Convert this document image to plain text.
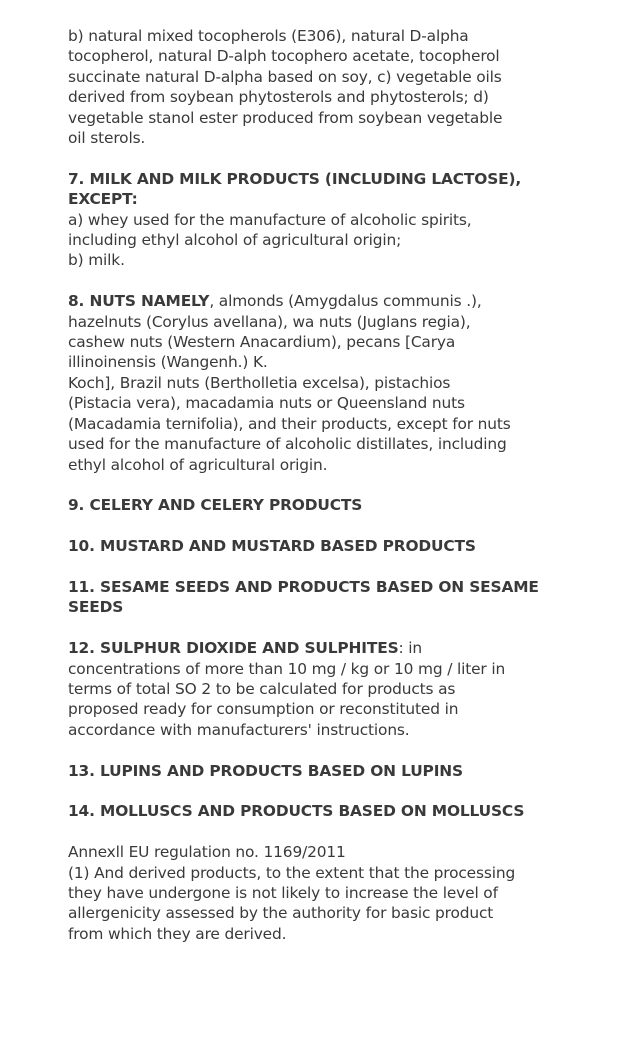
b) natural mixed tocopherols (E306), natural D-alpha
tocopherol, natural D-alph tocophero acetate, tocopherol
succinate natural D-alpha based on soy, c) vegetable oils
derived from soybean phytosterols and phytosterols; d)
vegetable stanol ester produced from soybean vegetable
oil sterols.

7. MILK AND MILK PRODUCTS (INCLUDING LACTOSE),
EXCEPT:
a) whey used for the manufacture of alcoholic spirits,
including ethyl alcohol of agricultural origin;
b) milk.

8. NUTS NAMELY, almonds (Amygdalus communis .),
hazelnuts (Corylus avellana), wa nuts (Juglans regia),
cashew nuts (Western Anacardium), pecans [Carya
illinoinensis (Wangenh.) K.
Koch], Brazil nuts (Bertholletia excelsa), pistachios
(Pistacia vera), macadamia nuts or Queensland nuts
(Macadamia ternifolia), and their products, except for nuts
used for the manufacture of alcoholic distillates, including
ethyl alcohol of agricultural origin.

9. CELERY AND CELERY PRODUCTS

10. MUSTARD AND MUSTARD BASED PRODUCTS

11. SESAME SEEDS AND PRODUCTS BASED ON SESAME
SEEDS

12. SULPHUR DIOXIDE AND SULPHITES: in
concentrations of more than 10 mg / kg or 10 mg / liter in
terms of total SO 2 to be calculated for products as
proposed ready for consumption or reconstituted in
accordance with manufacturers' instructions.

13. LUPINS AND PRODUCTS BASED ON LUPINS

14. MOLLUSCS AND PRODUCTS BASED ON MOLLUSCS

Annexll EU regulation no. 1169/2011
(1) And derived products, to the extent that the processing
they have undergone is not likely to increase the level of
allergenicity assessed by the authority for basic product
from which they are derived.
